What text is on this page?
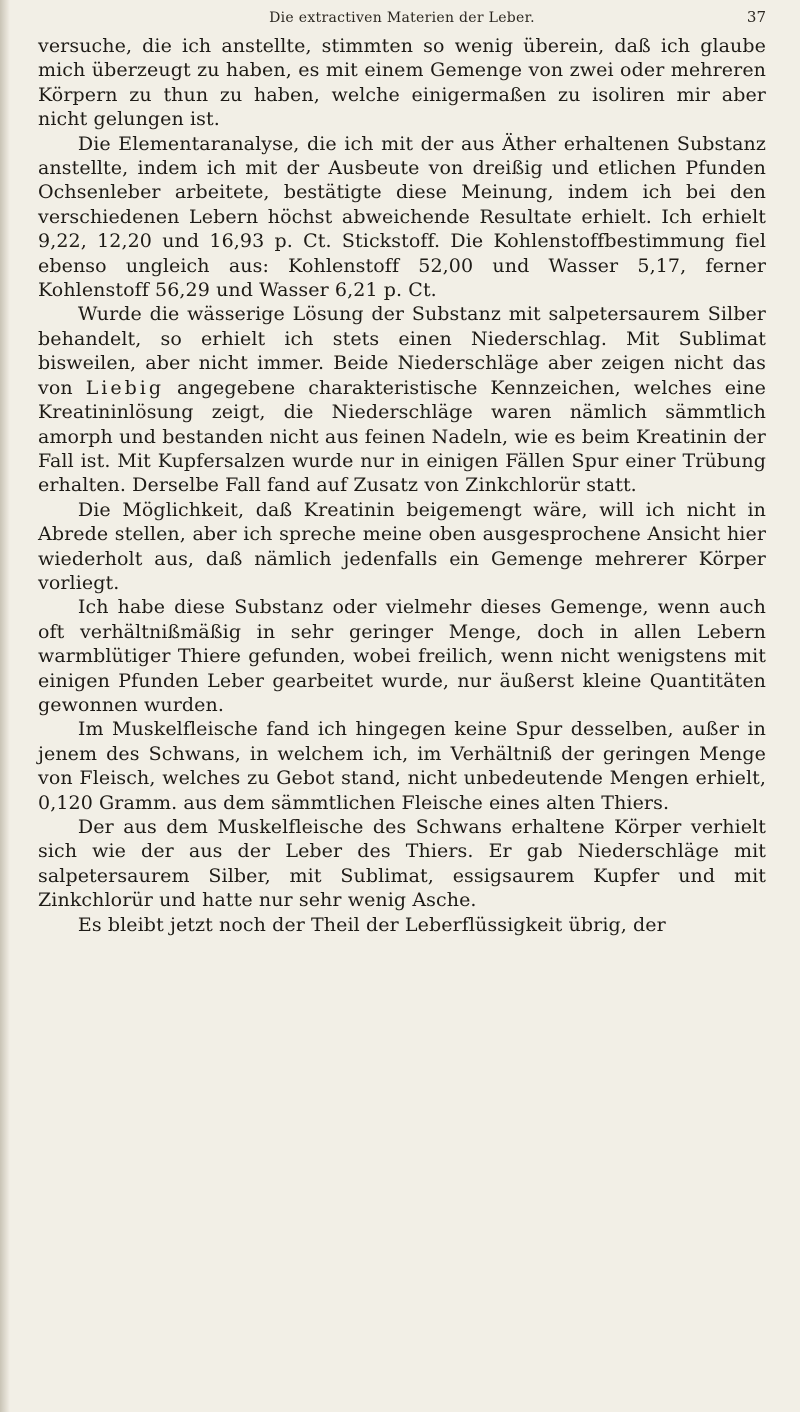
Die extractiven Materien der Leber.	37

versuche, die ich anstellte, stimmten so wenig überein, daß ich glaube mich überzeugt zu haben, es mit einem Gemenge von zwei oder mehreren Körpern zu thun zu haben, welche einigermaßen zu isoliren mir aber nicht gelungen ist.

Die Elementaranalyse, die ich mit der aus Äther erhaltenen Substanz anstellte, indem ich mit der Ausbeute von dreißig und etlichen Pfunden Ochsenleber arbeitete, bestätigte diese Meinung, indem ich bei den verschiedenen Lebern höchst abweichende Resultate erhielt. Ich erhielt 9,22, 12,20 und 16,93 p. Ct. Stickstoff. Die Kohlenstoffbestimmung fiel ebenso ungleich aus: Kohlenstoff 52,00 und Wasser 5,17, ferner Kohlenstoff 56,29 und Wasser 6,21 p. Ct.

Wurde die wässerige Lösung der Substanz mit salpetersaurem Silber behandelt, so erhielt ich stets einen Niederschlag. Mit Sublimat bisweilen, aber nicht immer. Beide Niederschläge aber zeigen nicht das von Liebig angegebene charakteristische Kennzeichen, welches eine Kreatininlösung zeigt, die Niederschläge waren nämlich sämmtlich amorph und bestanden nicht aus feinen Nadeln, wie es beim Kreatinin der Fall ist. Mit Kupfersalzen wurde nur in einigen Fällen Spur einer Trübung erhalten. Derselbe Fall fand auf Zusatz von Zinkchlorür statt.

Die Möglichkeit, daß Kreatinin beigemengt wäre, will ich nicht in Abrede stellen, aber ich spreche meine oben ausgesprochene Ansicht hier wiederholt aus, daß nämlich jedenfalls ein Gemenge mehrerer Körper vorliegt.

Ich habe diese Substanz oder vielmehr dieses Gemenge, wenn auch oft verhältnißmäßig in sehr geringer Menge, doch in allen Lebern warmblütiger Thiere gefunden, wobei freilich, wenn nicht wenigstens mit einigen Pfunden Leber gearbeitet wurde, nur äußerst kleine Quantitäten gewonnen wurden.

Im Muskelfleische fand ich hingegen keine Spur desselben, außer in jenem des Schwans, in welchem ich, im Verhältniß der geringen Menge von Fleisch, welches zu Gebot stand, nicht unbedeutende Mengen erhielt, 0,120 Gramm. aus dem sämmtlichen Fleische eines alten Thiers.

Der aus dem Muskelfleische des Schwans erhaltene Körper verhielt sich wie der aus der Leber des Thiers. Er gab Niederschläge mit salpetersaurem Silber, mit Sublimat, essigsaurem Kupfer und mit Zinkchlorür und hatte nur sehr wenig Asche.

Es bleibt jetzt noch der Theil der Leberflüssigkeit übrig, der
